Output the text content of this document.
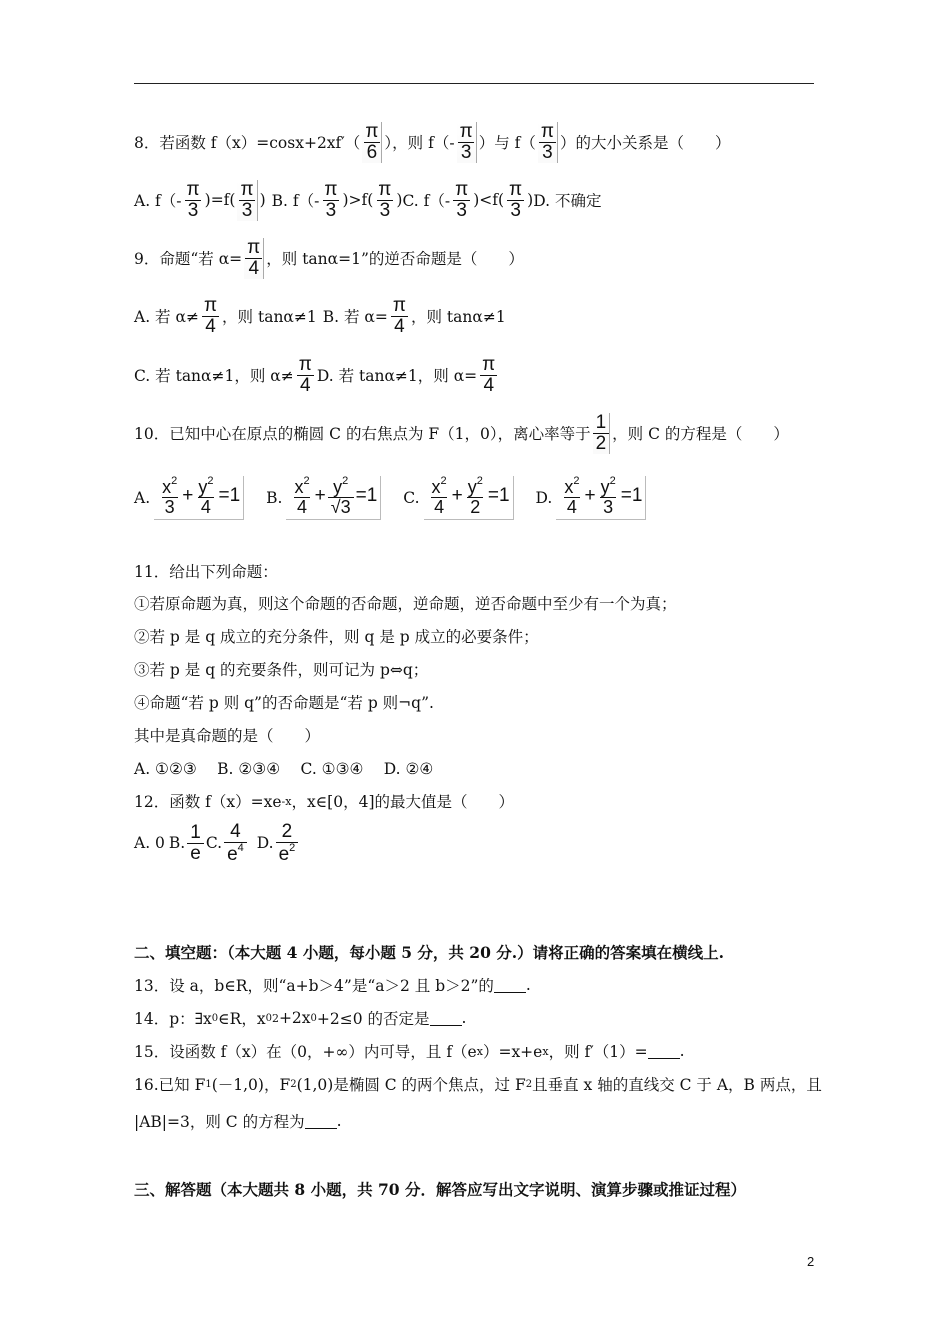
8．若函数 $f(x)=\cos x+2xf'( \frac{\pi}{6}$ ），则 $f(- \frac{\pi}{3}$ ）与 $f( \frac{\pi}{3}$ ）的大小关系是（　　）
A. $f(- \frac{\pi}{3} )=f( \frac{\pi}{3}$ ) B. $f(- \frac{\pi}{3} )>f( \frac{\pi}{3}$ ) C. $f(- \frac{\pi}{3} )<f( \frac{\pi}{3}$ ) D. 不确定
9．命题“若 $\alpha= \frac{\pi}{4}$ ，则 tanα=1”的逆否命题是（　　）
A. 若 $\alpha\ne \frac{\pi}{4}$ ，则 tanα≠1 B. 若 $\alpha= \frac{\pi}{4}$ ，则 tanα≠1
C. 若 tanα≠1，则 $\alpha\ne \frac{\pi}{4} D$. 若 tanα≠1，则 $\alpha= \frac{\pi}{4}$
10．已知中心在原点的椭圆 C 的右焦点为 F（1，0），离心率等于 $\frac{1}{2}$ ，则 C 的方程是（　　）
A. $\frac{x^2}{3} + \frac{y^2}{4} =1$ B. $\frac{x^2}{4} + \frac{y^2}{√3} =1$ C. $\frac{x^2}{4} + \frac{y^2}{2} =1$ D. $\frac{x^2}{4} + \frac{y^2}{3} =1$
11．给出下列命题：
①若原命题为真，则这个命题的否命题，逆命题，逆否命题中至少有一个为真；
②若 p 是 q 成立的充分条件，则 q 是 p 成立的必要条件；
③若 p 是 q 的充要条件，则可记为 p⇔q；
④命题“若 p 则 q”的否命题是“若 p 则¬q”.
其中是真命题的是（　　）
A. ①②③　 B. ②③④　 C. ①③④　 D. ②④
12．函数 f（x）=xe -x ，x∈[0，4]的最大值是（　　）
A. 0 B. $\frac{1}{e} C$. $\frac{4}{e^4} D$. $\frac{2}{e^2}$
二、填空题：（本大题 4 小题，每小题 5 分，共 20 分.）请将正确的答案填在横线上.
13．设 a，b∈R，则“a+b＞4”是“a＞2 且 b＞2”的 .
14．p：∃x 0 ∈R，x 0 2 +2x 0 +2≤0 的否定是 .
15．设函数 f（x）在（0，+∞）内可导，且 f（e x ）=x+e x ，则 f′（1）= .
16.已知 F 1 (－1,0)，F 2 (1,0)是椭圆 C 的两个焦点，过 F 2 且垂直 x 轴的直线交 C 于 A，B 两点，且
|AB|=3，则 C 的方程为 .
三、解答题（本大题共 8 小题，共 70 分．解答应写出文字说明、演算步骤或推证过程）
2
